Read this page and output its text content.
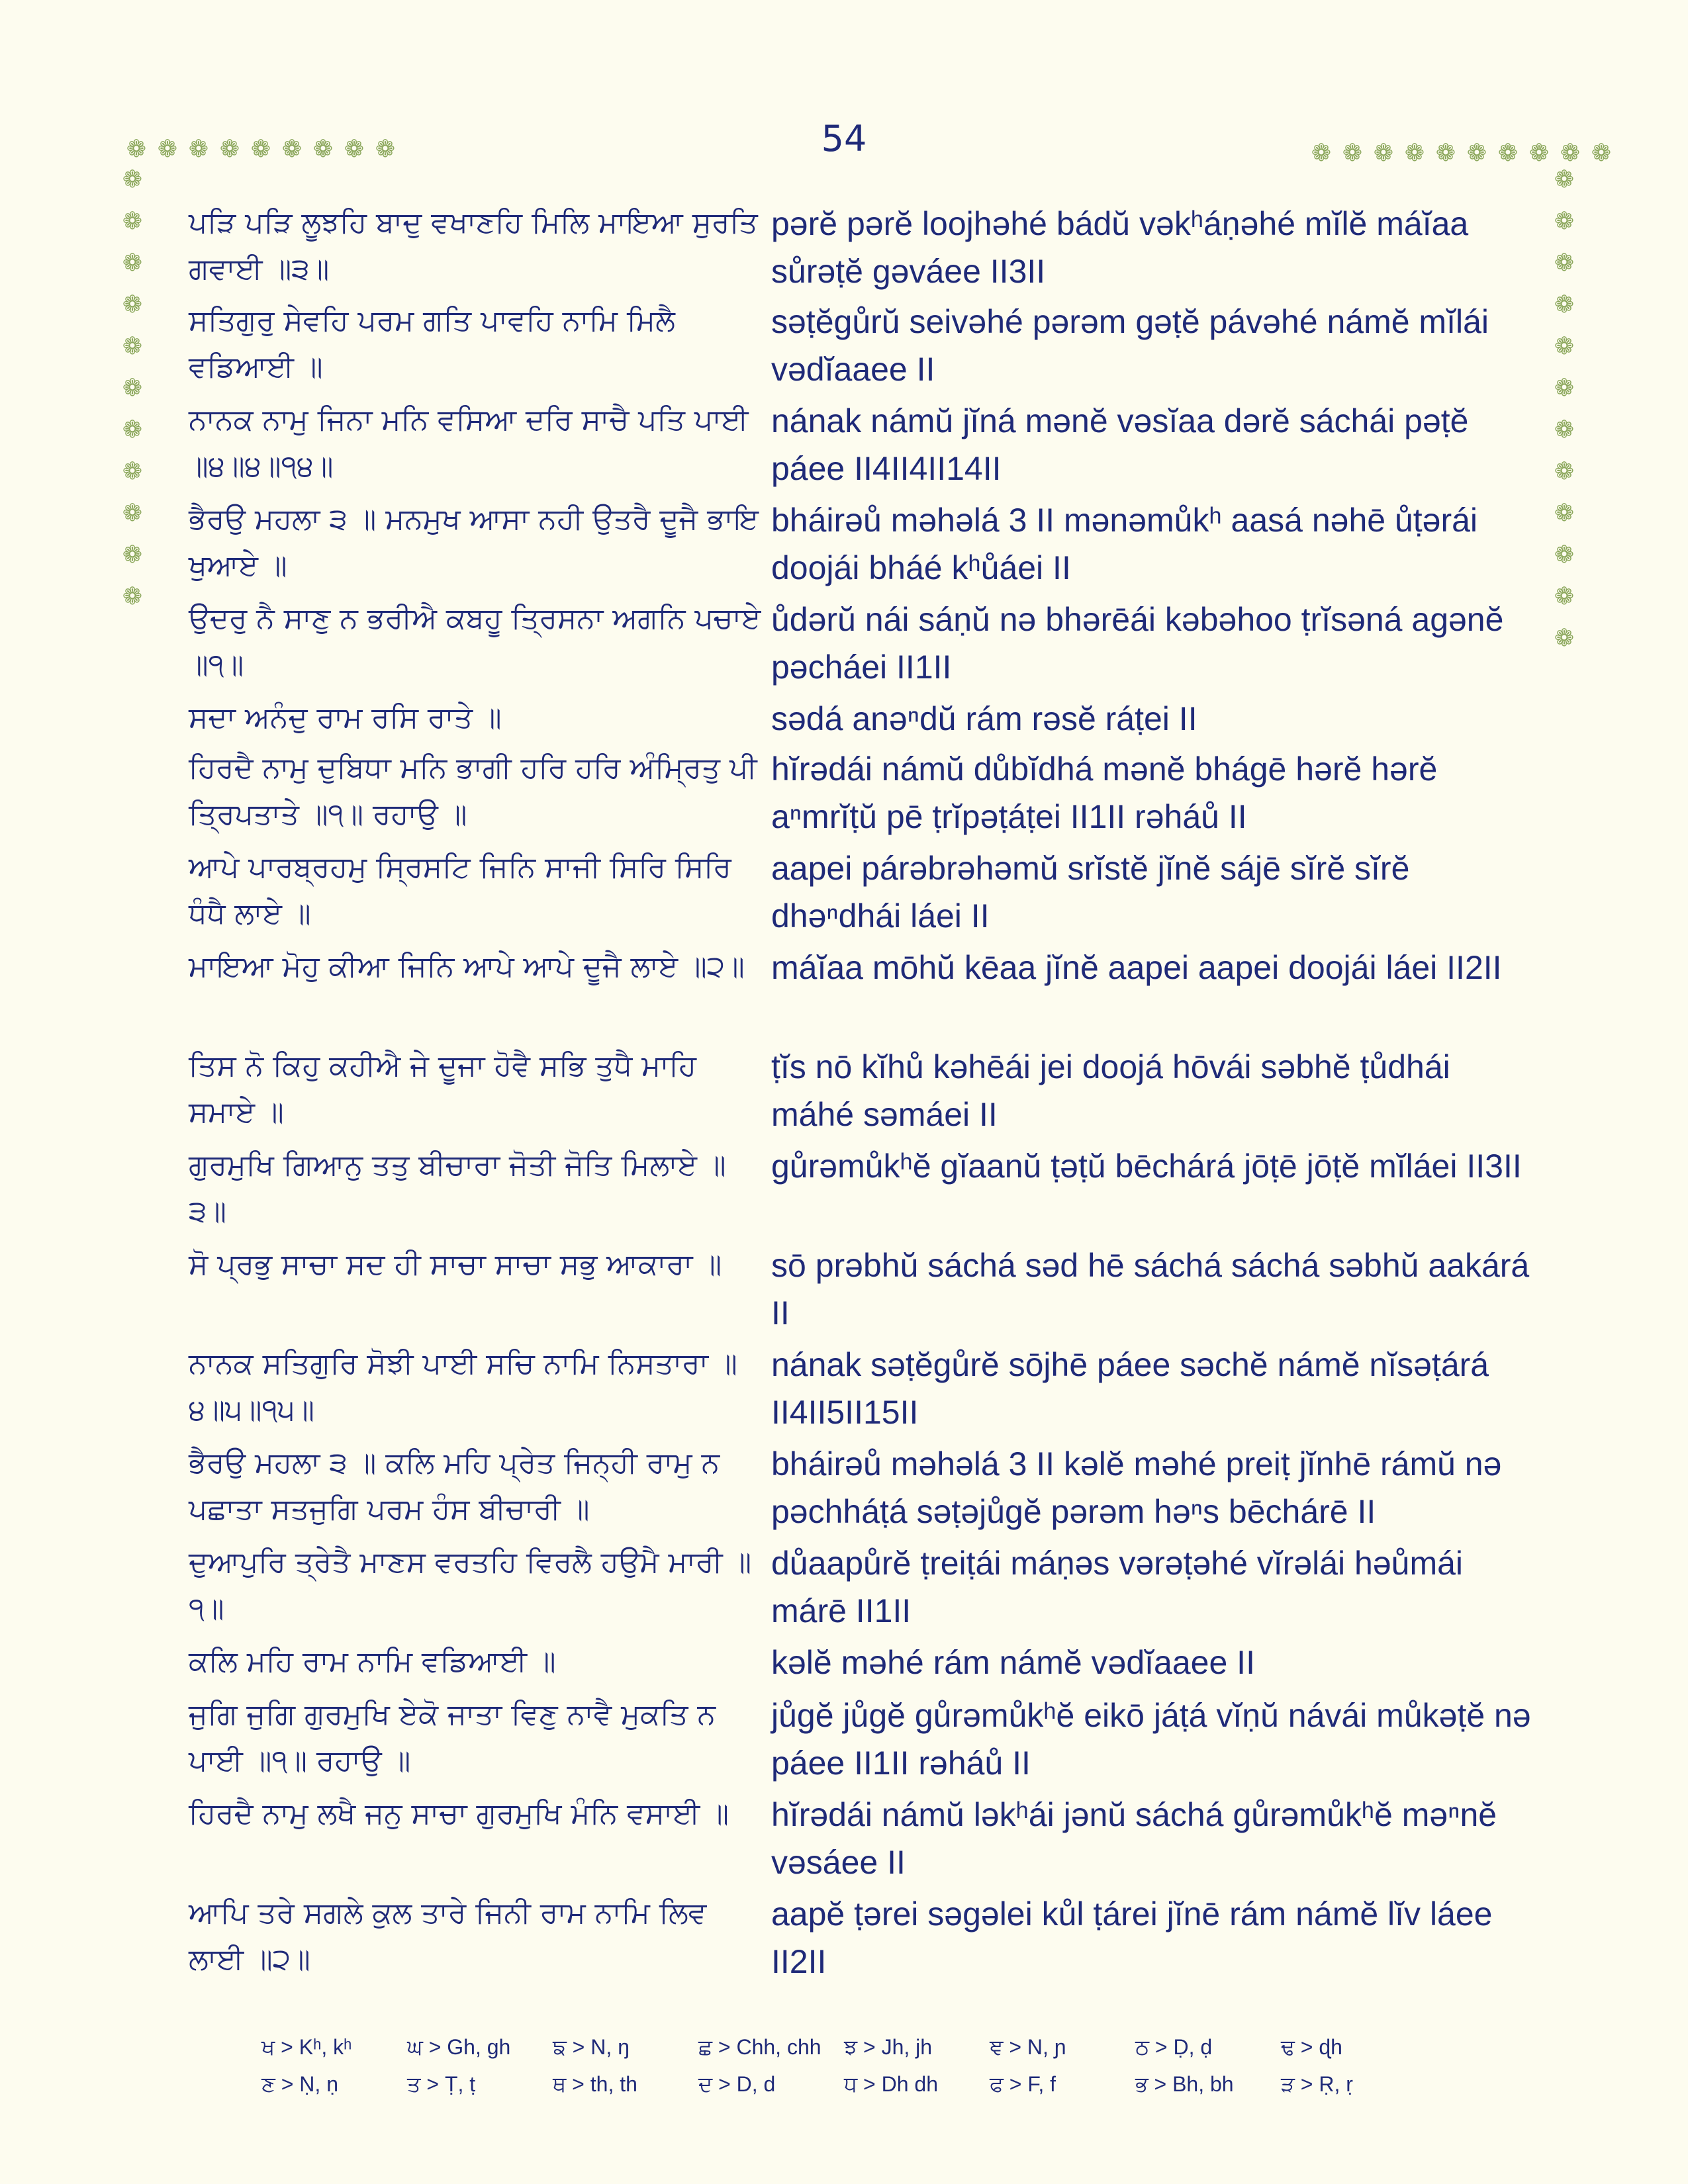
54
❁ ❁ ❁ ❁ ❁ ❁ ❁ ❁ ❁	❁ ❁ ❁ ❁ ❁ ❁ ❁ ❁ ❁ ❁
❁
❁
❁
❁
❁
❁
❁
❁
❁
❁
❁
❁
❁
❁
❁
❁
❁
❁
❁
❁
❁
❁
❁
ਪੜਿ ਪੜਿ ਲੂਝਹਿ ਬਾਦੁ ਵਖਾਣਹਿ ਮਿਲਿ ਮਾਇਆ ਸੁਰਤਿ ਗਵਾਈ ॥੩॥
pərĕ pərĕ loojhəhé bádŭ vəkʰáṇəhé mĭlĕ máĭaa sůrəṭĕ gəváee II3II
ਸਤਿਗੁਰੁ ਸੇਵਹਿ ਪਰਮ ਗਤਿ ਪਾਵਹਿ ਨਾਮਿ ਮਿਲੈ ਵਡਿਆਈ ॥
səṭĕgůrŭ seivəhé pərəm gəṭĕ pávəhé námĕ mĭlái vədĭaaee II
ਨਾਨਕ ਨਾਮੁ ਜਿਨਾ ਮਨਿ ਵਸਿਆ ਦਰਿ ਸਾਚੈ ਪਤਿ ਪਾਈ ॥੪॥੪॥੧੪॥
nának námŭ jĭná mənĕ vəsĭaa dərĕ sáchái pəṭĕ páee II4II4II14II
ਭੈਰਉ ਮਹਲਾ ੩ ॥ ਮਨਮੁਖ ਆਸਾ ਨਹੀ ਉਤਰੈ ਦੂਜੈ ਭਾਇ ਖੁਆਏ ॥
bháirəů məhəlá 3 II mənəmůkʰ aasá nəhē ůṭərái doojái bháé kʰůáei II
ਉਦਰੁ ਨੈ ਸਾਣੁ ਨ ਭਰੀਐ ਕਬਹੂ ਤ੍ਰਿਸਨਾ ਅਗਨਿ ਪਚਾਏ ॥੧॥
ůdərŭ nái sáṇŭ nə bhərēái kəbəhoo ṭrĭsəná agənĕ pəcháei II1II
ਸਦਾ ਅਨੰਦੁ ਰਾਮ ਰਸਿ ਰਾਤੇ ॥	sədá anəⁿdŭ rám rəsĕ ráṭei II
ਹਿਰਦੈ ਨਾਮੁ ਦੁਬਿਧਾ ਮਨਿ ਭਾਗੀ ਹਰਿ ਹਰਿ ਅੰਮ੍ਰਿਤੁ ਪੀ ਤ੍ਰਿਪਤਾਤੇ ॥੧॥ ਰਹਾਉ ॥
hĭrədái námŭ důbĭdhá mənĕ bhágē hərĕ hərĕ aⁿmrĭṭŭ pē ṭrĭpəṭáṭei II1II rəháů II
ਆਪੇ ਪਾਰਬ੍ਰਹਮੁ ਸ੍ਰਿਸਟਿ ਜਿਨਿ ਸਾਜੀ ਸਿਰਿ ਸਿਰਿ ਧੰਧੈ ਲਾਏ ॥
aapei párəbrəhəmŭ srĭstĕ jĭnĕ sájē sĭrĕ sĭrĕ dhəⁿdhái láei II
ਮਾਇਆ ਮੋਹੁ ਕੀਆ ਜਿਨਿ ਆਪੇ ਆਪੇ ਦੂਜੈ ਲਾਏ ॥੨॥ máĭaa mōhŭ kēaa jĭnĕ aapei aapei doojái láei II2II
ਤਿਸ ਨੋ ਕਿਹੁ ਕਹੀਐ ਜੇ ਦੂਜਾ ਹੋਵੈ ਸਭਿ ਤੁਧੈ ਮਾਹਿ ਸਮਾਏ ॥
ṭĭs nō kĭhů kəhēái jei doojá hōvái səbhĕ ṭůdhái máhé səmáei II
ਗੁਰਮੁਖਿ ਗਿਆਨੁ ਤਤੁ ਬੀਚਾਰਾ ਜੋਤੀ ਜੋਤਿ ਮਿਲਾਏ ॥੩॥
gůrəmůkʰĕ gĭaanŭ ṭəṭŭ bēchárá jōṭē jōṭĕ mĭláei II3II
ਸੋ ਪ੍ਰਭੁ ਸਾਚਾ ਸਦ ਹੀ ਸਾਚਾ ਸਾਚਾ ਸਭੁ ਆਕਾਰਾ ॥	sō prəbhŭ sáchá səd hē sáchá sáchá səbhŭ aakárá II
ਨਾਨਕ ਸਤਿਗੁਰਿ ਸੋਝੀ ਪਾਈ ਸਚਿ ਨਾਮਿ ਨਿਸਤਾਰਾ ॥੪॥੫॥੧੫॥
nának səṭĕgůrĕ sōjhē páee səchĕ námĕ nĭsəṭárá II4II5II15II
ਭੈਰਉ ਮਹਲਾ ੩ ॥ ਕਲਿ ਮਹਿ ਪ੍ਰੇਤ ਜਿਨ੍ਹੀ ਰਾਮੁ ਨ ਪਛਾਤਾ ਸਤਜੁਗਿ ਪਰਮ ਹੰਸ ਬੀਚਾਰੀ ॥
bháirəů məhəlá 3 II kəlĕ məhé preiṭ jĭnhē rámŭ nə pəchháṭá səṭəjůgĕ pərəm həⁿs bēchárē II
ਦੁਆਪੁਰਿ ਤ੍ਰੇਤੈ ਮਾਣਸ ਵਰਤਹਿ ਵਿਰਲੈ ਹਉਮੈ ਮਾਰੀ ॥੧॥
důaapůrĕ ṭreiṭái máṇəs vərəṭəhé vĭrəlái həůmái márē II1II
ਕਲਿ ਮਹਿ ਰਾਮ ਨਾਮਿ ਵਡਿਆਈ ॥	kəlĕ məhé rám námĕ vədĭaaee II
ਜੁਗਿ ਜੁਗਿ ਗੁਰਮੁਖਿ ਏਕੋ ਜਾਤਾ ਵਿਣੁ ਨਾਵੈ ਮੁਕਤਿ ਨ ਪਾਈ ॥੧॥ ਰਹਾਉ ॥
jůgĕ jůgĕ gůrəmůkʰĕ eikō jáṭá vĭṇŭ návái můkəṭĕ nə páee II1II rəháů II
ਹਿਰਦੈ ਨਾਮੁ ਲਖੈ ਜਨੁ ਸਾਚਾ ਗੁਰਮੁਖਿ ਮੰਨਿ ਵਸਾਈ ॥	hĭrədái námŭ ləkʰái jənŭ sáchá gůrəmůkʰĕ məⁿnĕ vəsáee II
ਆਪਿ ਤਰੇ ਸਗਲੇ ਕੁਲ ਤਾਰੇ ਜਿਨੀ ਰਾਮ ਨਾਮਿ ਲਿਵ ਲਾਈ ॥੨॥
aapĕ ṭərei səgəlei kůl ṭárei jĭnē rám námĕ lĭv láee II2II
ਖ > Kʰ, kʰ	ਘ > Gh, gh	ਙ > N, ŋ	ਛ > Chh, chh	ਝ > Jh, jh	ਞ > N, ɲ	ਠ > Ḍ, ḍ	ਢ > ɖh
ਣ > Ṇ, ṇ	ਤ > Ṭ, ṭ	ਥ > th, th	ਦ > D, d	ਧ > Dh dh	ਫ > F, f	ਭ > Bh, bh	ੜ > Ṛ, ṛ
